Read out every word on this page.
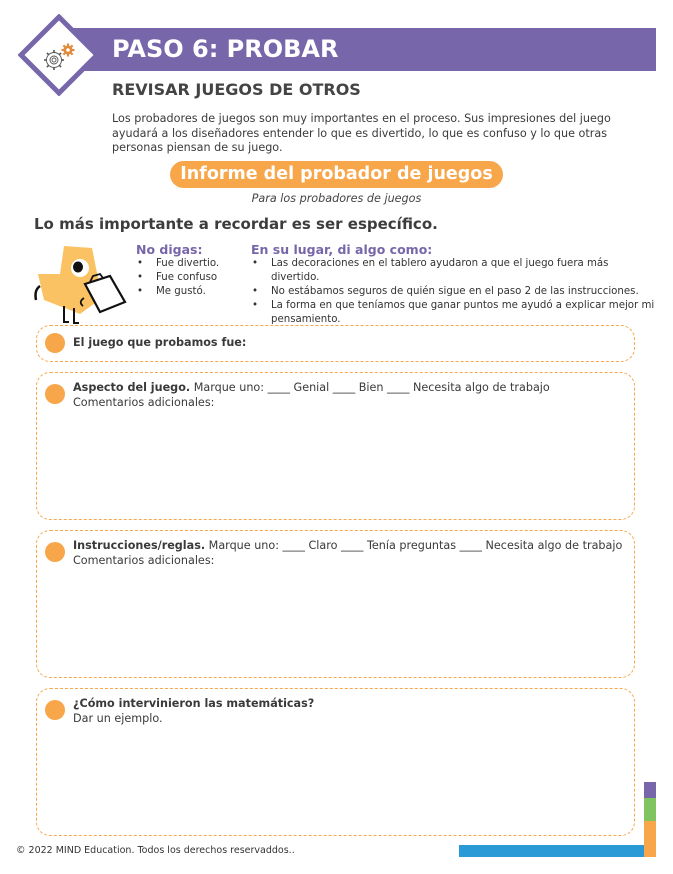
PASO 6: PROBAR
REVISAR JUEGOS DE OTROS
Los probadores de juegos son muy importantes en el proceso. Sus impresiones del juego ayudará a los diseñadores entender lo que es divertido, lo que es confuso y lo que otras personas piensan de su juego.
Informe del probador de juegos
Para los probadores de juegos
Lo más importante a recordar es ser específico.
No digas:
• Fue divertio.
• Fue confuso
• Me gustó.
En su lugar, di algo como:
• Las decoraciones en el tablero ayudaron a que el juego fuera más divertido.
• No estábamos seguros de quién sigue en el paso 2 de las instrucciones.
• La forma en que teníamos que ganar puntos me ayudó a explicar mejor mi pensamiento.
El juego que probamos fue:
Aspecto del juego. Marque uno: ____ Genial ____ Bien ____ Necesita algo de trabajo
Comentarios adicionales:
Instrucciones/reglas. Marque uno: ____ Claro ____ Tenía preguntas ____ Necesita algo de trabajo
Comentarios adicionales:
¿Cómo intervinieron las matemáticas?
Dar un ejemplo.
© 2022 MIND Education. Todos los derechos reservaddos..
